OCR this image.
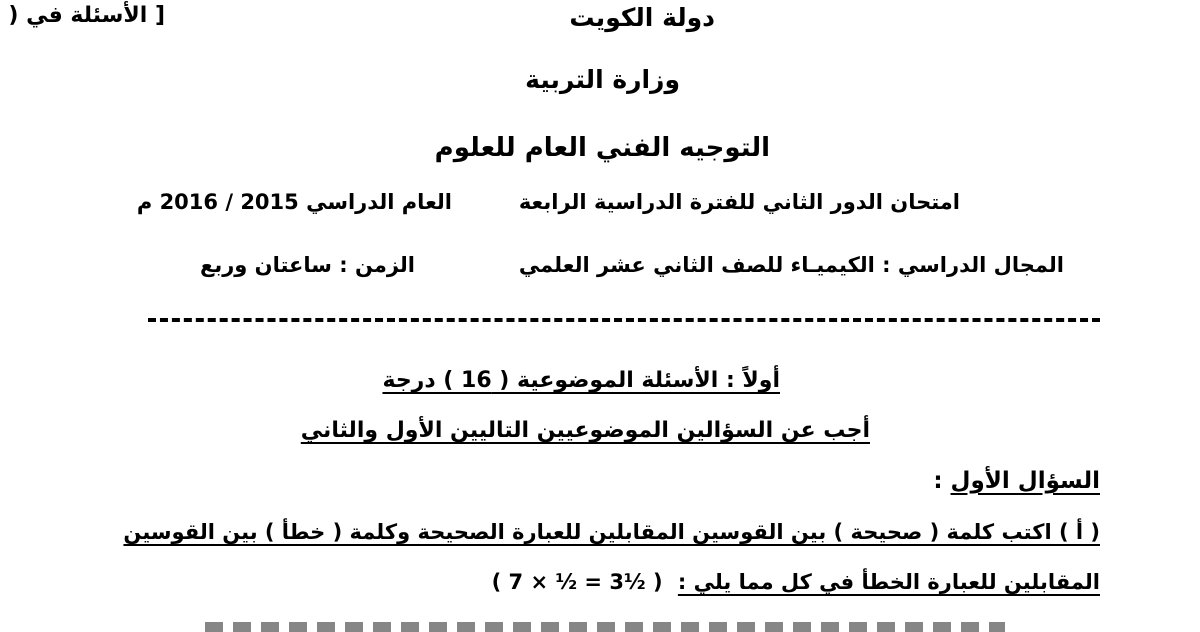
دولة الكويت
الأسئلة في ( ]
وزارة التربية
التوجيه الفني العام للعلوم
امتحان الدور الثاني للفترة الدراسية الرابعة
العام الدراسي 2015 / 2016 م
المجال الدراسي : الكيميـاء للصف الثاني عشر العلمي
الزمن : ساعتان وربع
أولاً : الأسئلة الموضوعية ( 16 ) درجة
أجب عن السؤالين الموضوعيين التاليين الأول والثاني
السؤال الأول :
( أ ) اكتب كلمة ( صحيحة ) بين القوسين المقابلين للعبارة الصحيحة وكلمة ( خطأ ) بين القوسين
المقابلين للعبارة الخطأ في كل مما يلي : ( 7 × ½ = 3½ )
